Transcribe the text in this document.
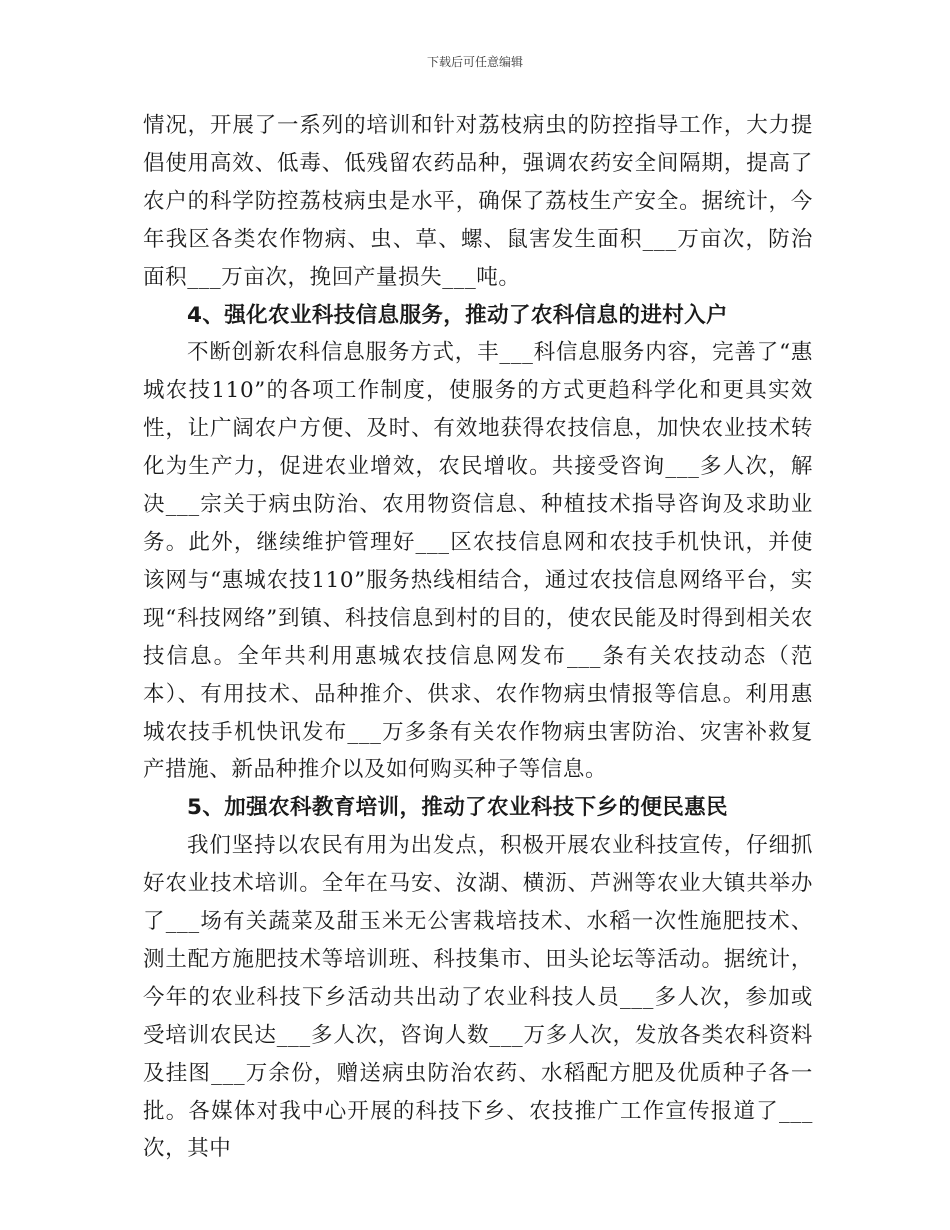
下载后可任意编辑

情况，开展了一系列的培训和针对荔枝病虫的防控指导工作，大力提倡使用高效、低毒、低残留农药品种，强调农药安全间隔期，提高了农户的科学防控荔枝病虫是水平，确保了荔枝生产安全。据统计，今年我区各类农作物病、虫、草、螺、鼠害发生面积___万亩次，防治面积___万亩次，挽回产量损失___吨。

4、强化农业科技信息服务，推动了农科信息的进村入户

不断创新农科信息服务方式，丰___科信息服务内容，完善了“惠城农技110”的各项工作制度，使服务的方式更趋科学化和更具实效性，让广阔农户方便、及时、有效地获得农技信息，加快农业技术转化为生产力，促进农业增效，农民增收。共接受咨询___多人次，解决___宗关于病虫防治、农用物资信息、种植技术指导咨询及求助业务。此外，继续维护管理好___区农技信息网和农技手机快讯，并使该网与“惠城农技110”服务热线相结合，通过农技信息网络平台，实现“科技网络”到镇、科技信息到村的目的，使农民能及时得到相关农技信息。全年共利用惠城农技信息网发布___条有关农技动态（范本）、有用技术、品种推介、供求、农作物病虫情报等信息。利用惠城农技手机快讯发布___万多条有关农作物病虫害防治、灾害补救复产措施、新品种推介以及如何购买种子等信息。

5、加强农科教育培训，推动了农业科技下乡的便民惠民

我们坚持以农民有用为出发点，积极开展农业科技宣传，仔细抓好农业技术培训。全年在马安、汝湖、横沥、芦洲等农业大镇共举办了___场有关蔬菜及甜玉米无公害栽培技术、水稻一次性施肥技术、测土配方施肥技术等培训班、科技集市、田头论坛等活动。据统计，今年的农业科技下乡活动共出动了农业科技人员___多人次，参加或受培训农民达___多人次，咨询人数___万多人次，发放各类农科资料及挂图___万余份，赠送病虫防治农药、水稻配方肥及优质种子各一批。各媒体对我中心开展的科技下乡、农技推广工作宣传报道了___次，其中
